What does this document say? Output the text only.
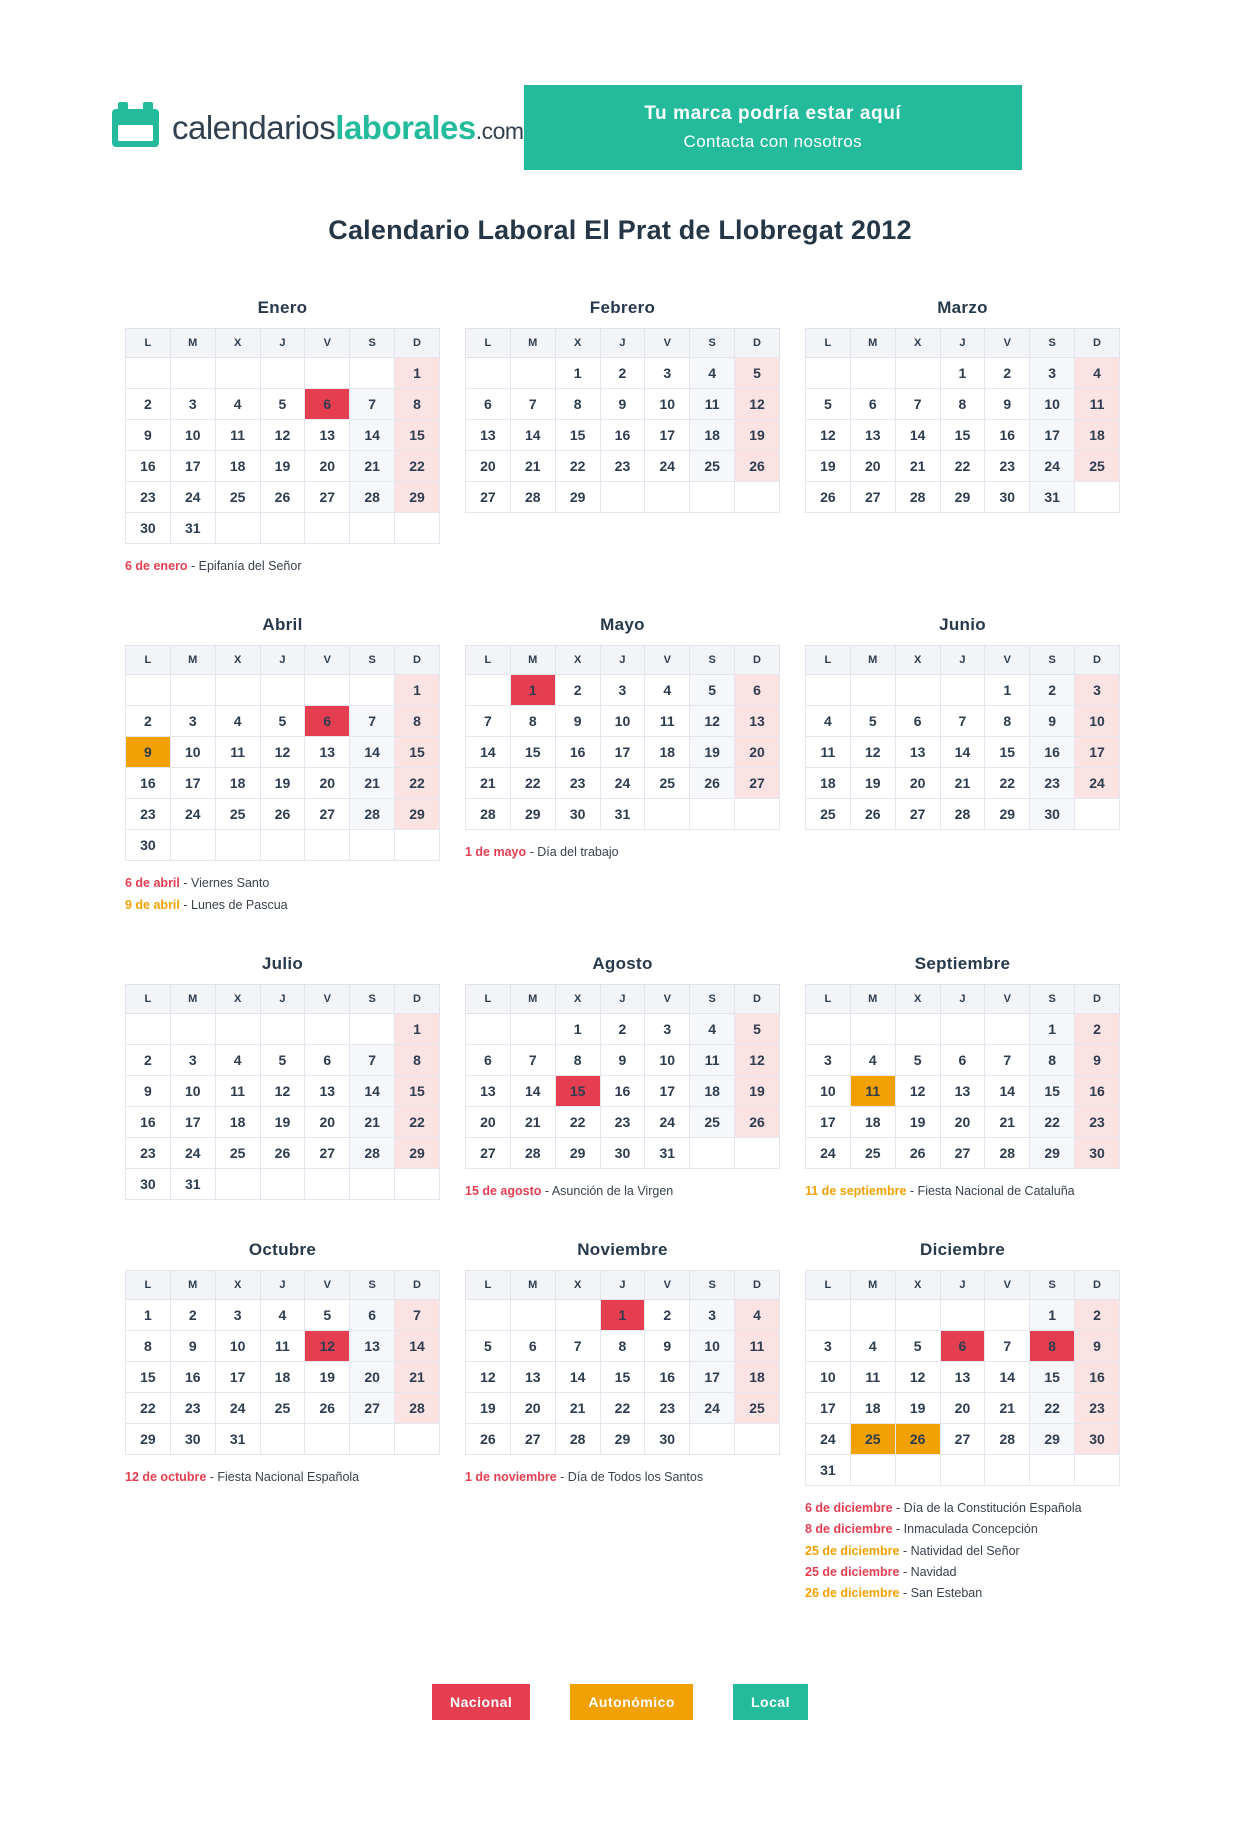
calendarioslaborales.com
Tu marca podría estar aquí
Contacta con nosotros
Calendario Laboral El Prat de Llobregat 2012
Enero
L	M	X	J	V	S	D
						1
2	3	4	5	6	7	8
9	10	11	12	13	14	15
16	17	18	19	20	21	22
23	24	25	26	27	28	29
30	31					
6 de enero - Epifanía del Señor
Febrero
L	M	X	J	V	S	D
		1	2	3	4	5
6	7	8	9	10	11	12
13	14	15	16	17	18	19
20	21	22	23	24	25	26
27	28	29				
Marzo
L	M	X	J	V	S	D
			1	2	3	4
5	6	7	8	9	10	11
12	13	14	15	16	17	18
19	20	21	22	23	24	25
26	27	28	29	30	31	
Abril
L	M	X	J	V	S	D
						1
2	3	4	5	6	7	8
9	10	11	12	13	14	15
16	17	18	19	20	21	22
23	24	25	26	27	28	29
30						
6 de abril - Viernes Santo
9 de abril - Lunes de Pascua
Mayo
L	M	X	J	V	S	D
	1	2	3	4	5	6
7	8	9	10	11	12	13
14	15	16	17	18	19	20
21	22	23	24	25	26	27
28	29	30	31			
1 de mayo - Día del trabajo
Junio
L	M	X	J	V	S	D
				1	2	3
4	5	6	7	8	9	10
11	12	13	14	15	16	17
18	19	20	21	22	23	24
25	26	27	28	29	30	
Julio
L	M	X	J	V	S	D
						1
2	3	4	5	6	7	8
9	10	11	12	13	14	15
16	17	18	19	20	21	22
23	24	25	26	27	28	29
30	31					
Agosto
L	M	X	J	V	S	D
		1	2	3	4	5
6	7	8	9	10	11	12
13	14	15	16	17	18	19
20	21	22	23	24	25	26
27	28	29	30	31		
15 de agosto - Asunción de la Virgen
Septiembre
L	M	X	J	V	S	D
					1	2
3	4	5	6	7	8	9
10	11	12	13	14	15	16
17	18	19	20	21	22	23
24	25	26	27	28	29	30
11 de septiembre - Fiesta Nacional de Cataluña
Octubre
L	M	X	J	V	S	D
1	2	3	4	5	6	7
8	9	10	11	12	13	14
15	16	17	18	19	20	21
22	23	24	25	26	27	28
29	30	31				
12 de octubre - Fiesta Nacional Española
Noviembre
L	M	X	J	V	S	D
			1	2	3	4
5	6	7	8	9	10	11
12	13	14	15	16	17	18
19	20	21	22	23	24	25
26	27	28	29	30		
1 de noviembre - Día de Todos los Santos
Diciembre
L	M	X	J	V	S	D
					1	2
3	4	5	6	7	8	9
10	11	12	13	14	15	16
17	18	19	20	21	22	23
24	25	26	27	28	29	30
31						
6 de diciembre - Día de la Constitución Española
8 de diciembre - Inmaculada Concepción
25 de diciembre - Natividad del Señor
25 de diciembre - Navidad
26 de diciembre - San Esteban
Nacional	Autonómico	Local
